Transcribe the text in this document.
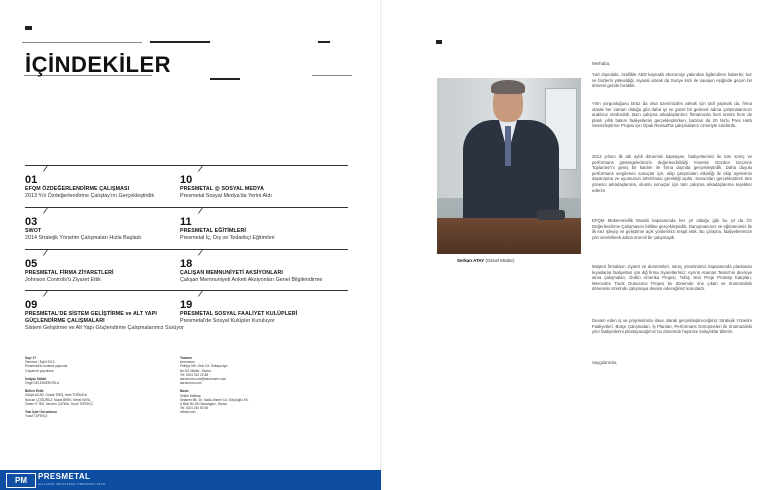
İÇİNDEKİLER
01
EFQM ÖZDEĞERLENDİRME ÇALIŞMASI
2013 Yılı Özdeğerlendirme Çalıştay'ını Gerçekleştirdik
03
SWOT
2014 Stratejik Yönetim Çalışmaları Hızla Başladı
05
PRESMETAL FİRMA ZİYARETLERİ
Johnson Controls'ü Ziyaret Ettik
09
PRESMETAL'DE SİSTEM GELİŞTİRME ve ALT YAPI GÜÇLENDİRME ÇALIŞMALARI
Sistem Geliştirme ve Alt Yapı Güçlendirme Çalışmalarımız Sürüyor
10
PRESMETAL @ SOSYAL MEDYA
Presmetal Sosyal Medya'da Yerini Aldı
11
PRESMETAL EĞİTİMLERİ
Presmetal İç, Dış ve Tedarikçi Eğitimleri
18
ÇALIŞAN MEMNUNİYETİ AKSİYONLARI
Çalışan Memnuniyeti Anketi Aksiyonları Genel Bilgilendirme
19
PRESMETAL SOSYAL FAALİYET KULÜPLERİ
Presmetal'de Sosyal Kulüpler Kuruluyor
Sayı 17
Temmuz / Eylül 2013
Presmetal'in ücretsiz yayınıdır.
3 ayda bir yayınlanır.
İmtiyaz Sahibi
Özge DELİOMEROĞLU
Bülten Ekibi
Gökçe ACAR, Gözde ERİŞ, Hale TÜRKAYA
Nurcan ÇÖĞÜRÜZ, Murat BİRKİ, Meral KAYA,
Özlem K.TEK, Nevzen ÇATMA, Yusuf TÜFEKÇİ
Yazı İşleri Sorumlusu
Yusuf TÜFEKÇİ
Tasarım
Aeromorm
Fethiye Mh. Gezi Cd. Özkaya Apt.
No:9/1 Nilüfer - Bursa
Tel: 0224 242 22 88
aeromorm.com@aeromorm.com
aeromorm.com
Baskı
Vektör Matbaa
Selamet Mh. Dr. Sadık Ahmet Cd. Sütçüoğlu SK.
A Blok No:26 Osmangazi - Bursa
Tel: 0224 251 50 58
vektör.com
PM	PRESMETAL
ALLIANCE INDUSTRIAL PRESSING TECH
Serkan ATAY (Genel Müdür)
Merhaba,
Yurt dışındaki, özellikle ABD kaynaklı ekonomiyi yakından ilgilendiren haberler, kur ve faizlerin yükseldiği, siyasal olarak da Suriye krizi ile savaşın eşiğinde geçen bir dönemi geride bıraktık.
Yılın yorgunluğunu biraz da olsa üzerimizden atmak için tatil yapmak da, firma olarak her zaman olduğu gibi daha iyi ve güzel bir gelecek adına çalışmalarımızı aralıksız sürdürdük. Bazı çalışma arkadaşlarımız firmamızda hem üretim hem de planlı yıllık bakım faaliyetlerini gerçekleştirirken, bazıları da 20 No'lu Pres Hattı Sessizleştirme Projesi için Opak Renault'ta çalışmalarını özveriyle sürdürdü.
2013 yılının ilk altı aylık dönemini kapsayan, faaliyetlerimiz ile tüm süreç ve performans göstergelerimizin değerlendirildiği Yönetim Gözden Geçirme Toplantısı'nı geniş bir katılım ile firma dışında gerçekleştirdik. Daha duyulu performans sergilenen sonuçlar için, ekip çalışmaları etkinliği ile ekip üyelerinin dayanışma ve uyumunun arttırılması gerektiği açıktı. Sunumları gerçekleştiren tüm yönetici arkadaşlarıma, olumlu sonuçlar için tüm çalışma arkadaşlarıma teşekkür ederim.
EFQM Mükemmellik Modeli kapsamında her yıl olduğu gibi bu yıl da Öz Değerlendirme Çalışmasını birlikte gerçekleştirdik. Danışmanımız ve eğitmenimiz ile ilk kez işleyişi ve geliştirme açık yönlerimizi tespit ettik. Bu çalışma, faaliyetlerimize yön verebilmek adına önemli bir çalışmaydı.
Müşteri firmaların ziyaret ve denetimleri, süreç yönetimimiz kapsamında planlanan kıyaslama faaliyetleri için diğ firma ziyaretlerimiz; Ayrıntı Ataman Tesisi'nin devreye alma çalışmaları, Doblo Amerika Projesi, Tofaş Yeni Proje Prototip Kalıpları, Mercedes Truck Outsource Projesi bu dönemde öne çıkan ve önümüzdeki dönemde üzerinde çalışmaya devam edeceğimiz konulardı.
Devam eden iş ve projelerimize ilave olarak gerçekleştireceğimiz Stratejik Yönetim Faaliyetleri, Bütçe Çalışmaları, İş Planları, Performans Görüşmeleri ile önümüzdeki yılın faaliyetlerini planlayacağımız bu dönemde hepinize kolaylıklar dilerim.
Saygılarımla,
